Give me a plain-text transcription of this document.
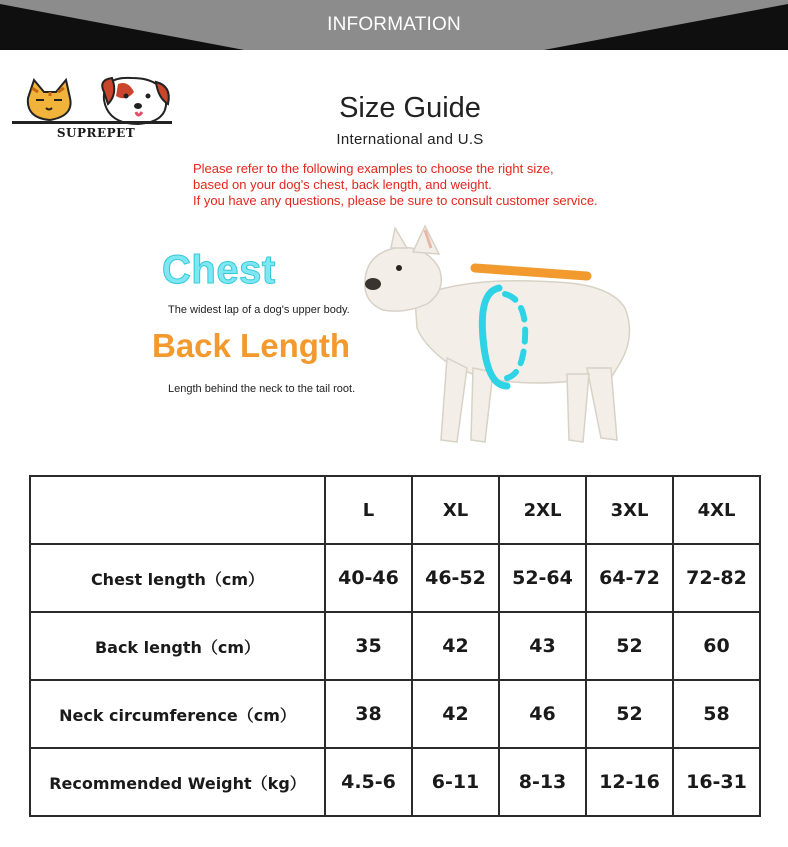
INFORMATION
SUPREPET
Size Guide
International and U.S
Please refer to the following examples to choose the right size,
based on your dog's chest, back length, and weight.
If you have any questions, please be sure to consult customer service.
Chest
The widest lap of a dog's upper body.
Back Length
Length behind the neck to the tail root.
	L	XL	2XL	3XL	4XL
Chest length（cm）	40-46	46-52	52-64	64-72	72-82
Back length（cm）	35	42	43	52	60
Neck circumference（cm）	38	42	46	52	58
Recommended Weight（kg）	4.5-6	6-11	8-13	12-16	16-31
